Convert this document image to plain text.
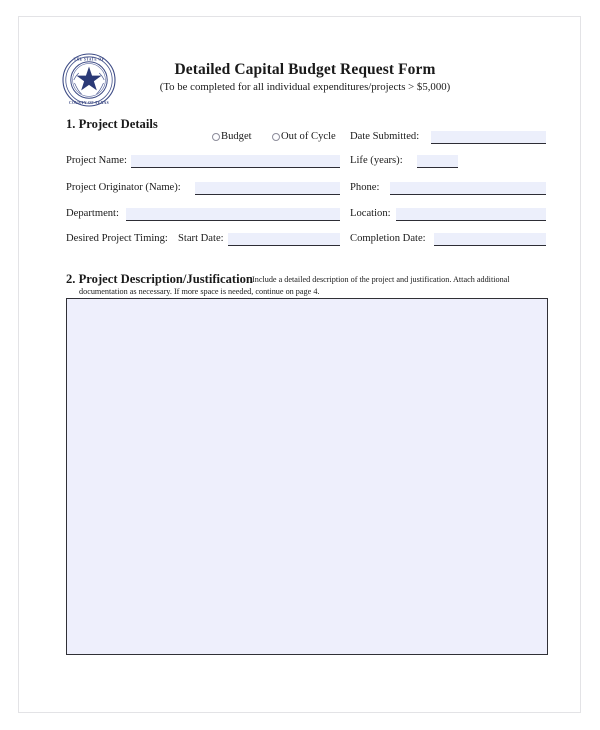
THE STATE OF
COUNTY OF TEXAS
Detailed Capital Budget Request Form
(To be completed for all individual expenditures/projects > $5,000)
1. Project Details
Budget	Out of Cycle Date Submitted:
Project Name:	Life (years):
Project Originator (Name):	Phone:
Department:	Location:
Desired Project Timing: Start Date:	Completion Date:
2. Project Description/Justification Include a detailed description of the project and justification. Attach additional
documentation as necessary. If more space is needed, continue on page 4.
